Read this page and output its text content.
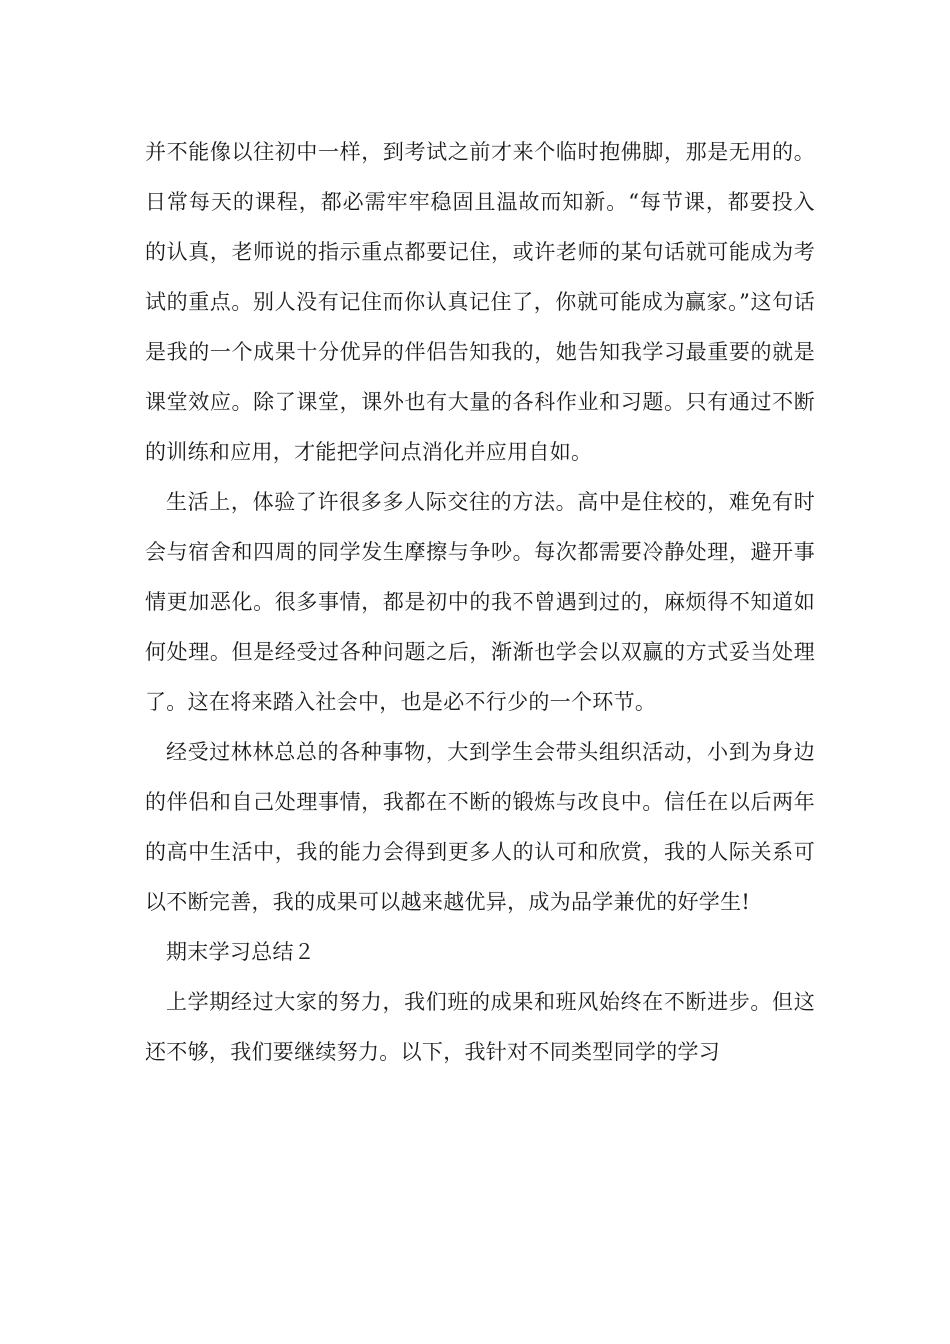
并不能像以往初中一样，到考试之前才来个临时抱佛脚，那是无用的。日常每天的课程，都必需牢牢稳固且温故而知新。“每节课，都要投入的认真，老师说的指示重点都要记住，或许老师的某句话就可能成为考试的重点。别人没有记住而你认真记住了，你就可能成为赢家。”这句话是我的一个成果十分优异的伴侣告知我的，她告知我学习最重要的就是课堂效应。除了课堂，课外也有大量的各科作业和习题。只有通过不断的训练和应用，才能把学问点消化并应用自如。

生活上，体验了许很多多人际交往的方法。高中是住校的，难免有时会与宿舍和四周的同学发生摩擦与争吵。每次都需要冷静处理，避开事情更加恶化。很多事情，都是初中的我不曾遇到过的，麻烦得不知道如何处理。但是经受过各种问题之后，渐渐也学会以双赢的方式妥当处理了。这在将来踏入社会中，也是必不行少的一个环节。

经受过林林总总的各种事物，大到学生会带头组织活动，小到为身边的伴侣和自己处理事情，我都在不断的锻炼与改良中。信任在以后两年的高中生活中，我的能力会得到更多人的认可和欣赏，我的人际关系可以不断完善，我的成果可以越来越优异，成为品学兼优的好学生!

期末学习总结２

上学期经过大家的努力，我们班的成果和班风始终在不断进步。但这还不够，我们要继续努力。以下，我针对不同类型同学的学习
